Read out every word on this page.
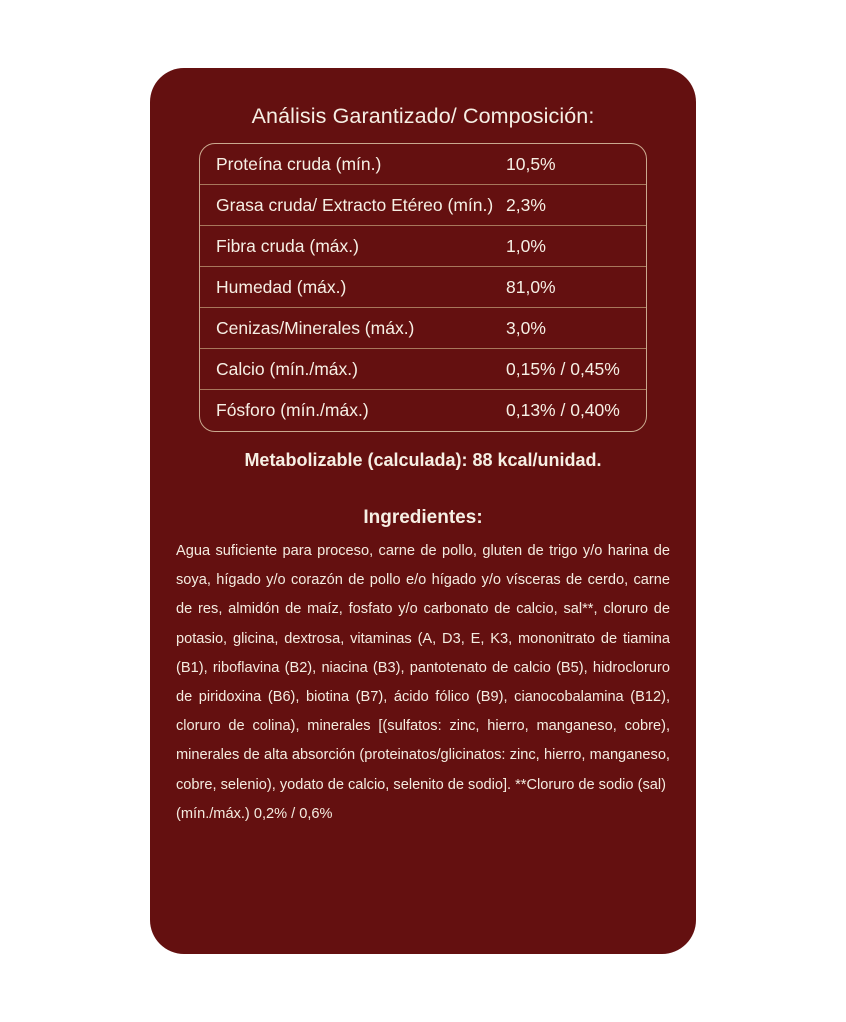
Análisis Garantizado/ Composición:
Proteína cruda (mín.)	10,5%
Grasa cruda/ Extracto Etéreo (mín.) 2,3%
Fibra cruda (máx.)	1,0%
Humedad (máx.)	81,0%
Cenizas/Minerales (máx.)	3,0%
Calcio (mín./máx.)	0,15% / 0,45%
Fósforo (mín./máx.)	0,13% / 0,40%
Metabolizable (calculada): 88 kcal/unidad.
Ingredientes:
Agua suficiente para proceso, carne de pollo, gluten de trigo y/o harina de soya, hígado y/o corazón de pollo e/o hígado y/o vísceras de cerdo, carne de res, almidón de maíz, fosfato y/o carbonato de calcio, sal**, cloruro de potasio, glicina, dextrosa, vitaminas (A, D3, E, K3, mononitrato de tiamina (B1), riboflavina (B2), niacina (B3), pantotenato de calcio (B5), hidrocloruro de piridoxina (B6), biotina (B7), ácido fólico (B9), cianocobalamina (B12), cloruro de colina), minerales [(sulfatos: zinc, hierro, manganeso, cobre), minerales de alta absorción (proteinatos/glicinatos: zinc, hierro, manganeso, cobre, selenio), yodato de calcio, selenito de sodio]. **Cloruro de sodio (sal)
(mín./máx.) 0,2% / 0,6%
